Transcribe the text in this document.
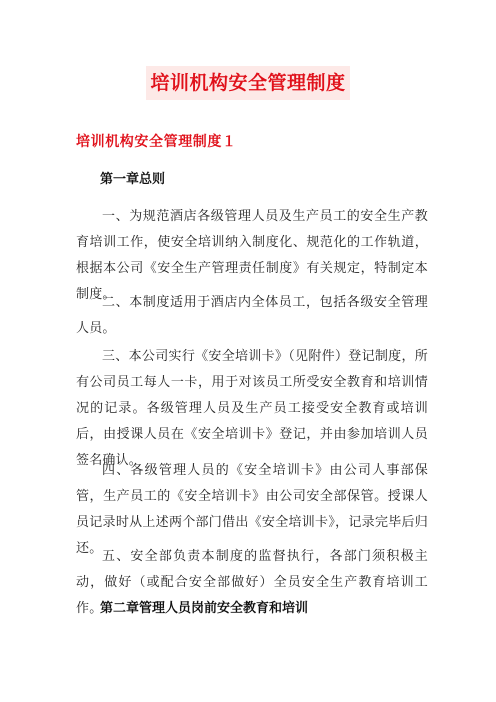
培训机构安全管理制度
培训机构安全管理制度１
第一章总则

一、为规范酒店各级管理人员及生产员工的安全生产教育培训工作，使安全培训纳入制度化、规范化的工作轨道，根据本公司《安全生产管理责任制度》有关规定，特制定本制度。

二、本制度适用于酒店内全体员工，包括各级安全管理人员。

三、本公司实行《安全培训卡》（见附件）登记制度，所有公司员工每人一卡，用于对该员工所受安全教育和培训情况的记录。各级管理人员及生产员工接受安全教育或培训后，由授课人员在《安全培训卡》登记，并由参加培训人员签名确认。

四、各级管理人员的《安全培训卡》由公司人事部保管，生产员工的《安全培训卡》由公司安全部保管。授课人员记录时从上述两个部门借出《安全培训卡》，记录完毕后归还。

五、安全部负责本制度的监督执行，各部门须积极主动，做好（或配合安全部做好）全员安全生产教育培训工作。

第二章管理人员岗前安全教育和培训
